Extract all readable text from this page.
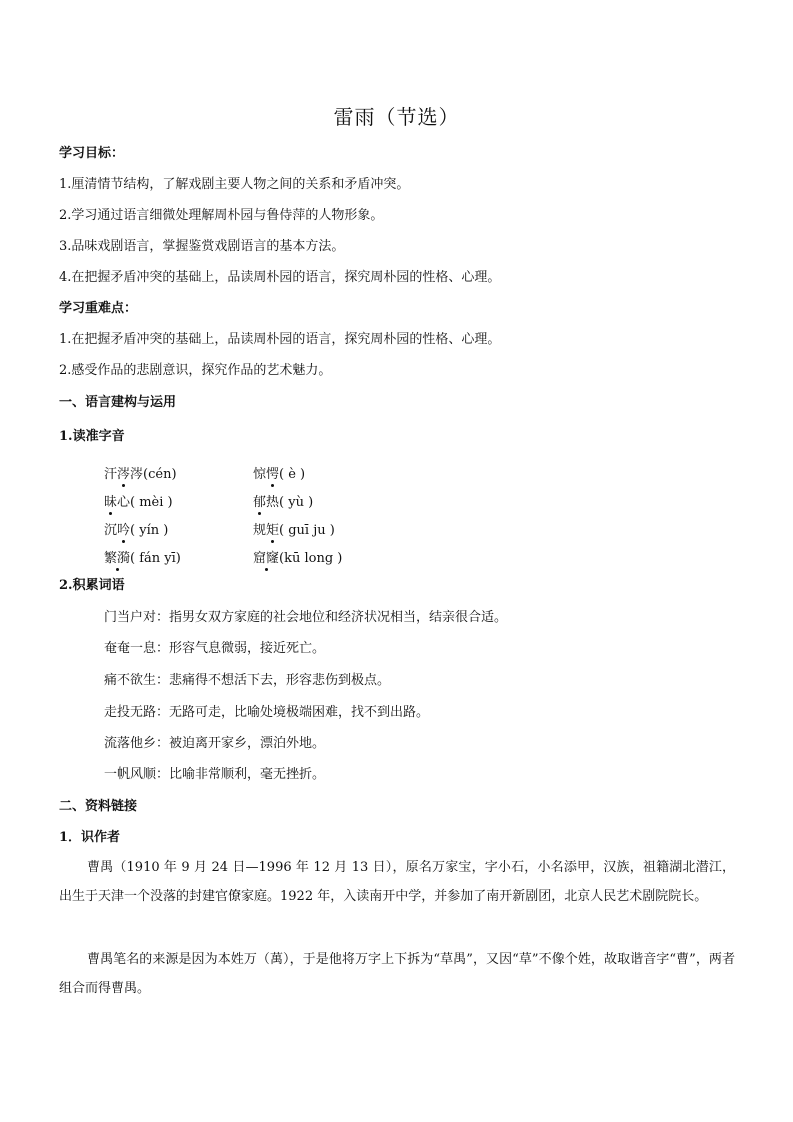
雷雨（节选）
学习目标：
1.厘清情节结构，了解戏剧主要人物之间的关系和矛盾冲突。
2.学习通过语言细微处理解周朴园与鲁侍萍的人物形象。
3.品味戏剧语言，掌握鉴赏戏剧语言的基本方法。
4.在把握矛盾冲突的基础上，品读周朴园的语言，探究周朴园的性格、心理。
学习重难点：
1.在把握矛盾冲突的基础上，品读周朴园的语言，探究周朴园的性格、心理。
2.感受作品的悲剧意识，探究作品的艺术魅力。
一、语言建构与运用
1.读准字音
汗涔涔(cén)	惊愕( è )
昧心( mèi )	郁热( yù )
沉吟( yín )	规矩( guī ju )
繁漪( fán yī)	窟窿(kū long )
2.积累词语
门当户对：指男女双方家庭的社会地位和经济状况相当，结亲很合适。
奄奄一息：形容气息微弱，接近死亡。
痛不欲生：悲痛得不想活下去，形容悲伤到极点。
走投无路：无路可走，比喻处境极端困难，找不到出路。
流落他乡：被迫离开家乡，漂泊外地。
一帆风顺：比喻非常顺利，毫无挫折。
二、资料链接
1．识作者
曹禺（1910 年 9 月 24 日—1996 年 12 月 13 日），原名万家宝，字小石，小名添甲，汉族，祖籍湖北潜江，出生于天津一个没落的封建官僚家庭。1922 年，入读南开中学，并参加了南开新剧团，北京人民艺术剧院院长。
曹禺笔名的来源是因为本姓万（萬），于是他将万字上下拆为“草禺”，又因“草”不像个姓，故取谐音字“曹”，两者组合而得曹禺。
